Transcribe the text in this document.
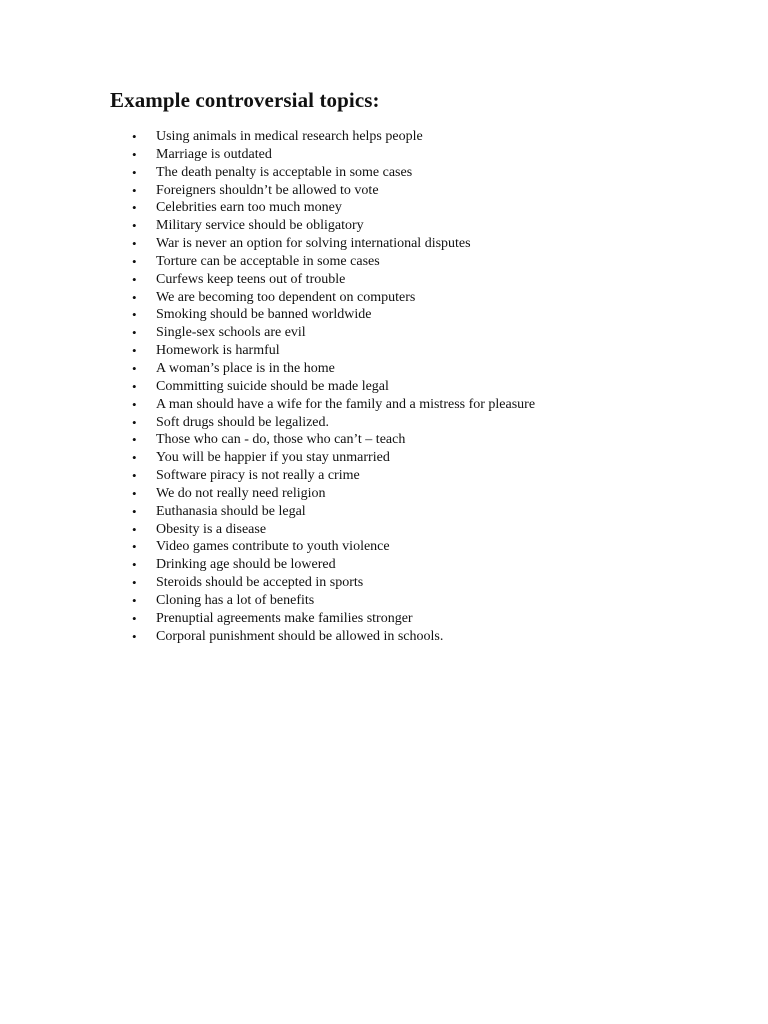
Example controversial topics:
• Using animals in medical research helps people
• Marriage is outdated
• The death penalty is acceptable in some cases
• Foreigners shouldn’t be allowed to vote
• Celebrities earn too much money
• Military service should be obligatory
• War is never an option for solving international disputes
• Torture can be acceptable in some cases
• Curfews keep teens out of trouble
• We are becoming too dependent on computers
• Smoking should be banned worldwide
• Single-sex schools are evil
• Homework is harmful
• A woman’s place is in the home
• Committing suicide should be made legal
• A man should have a wife for the family and a mistress for pleasure
• Soft drugs should be legalized.
• Those who can - do, those who can’t – teach
• You will be happier if you stay unmarried
• Software piracy is not really a crime
• We do not really need religion
• Euthanasia should be legal
• Obesity is a disease
• Video games contribute to youth violence
• Drinking age should be lowered
• Steroids should be accepted in sports
• Cloning has a lot of benefits
• Prenuptial agreements make families stronger
• Corporal punishment should be allowed in schools.
